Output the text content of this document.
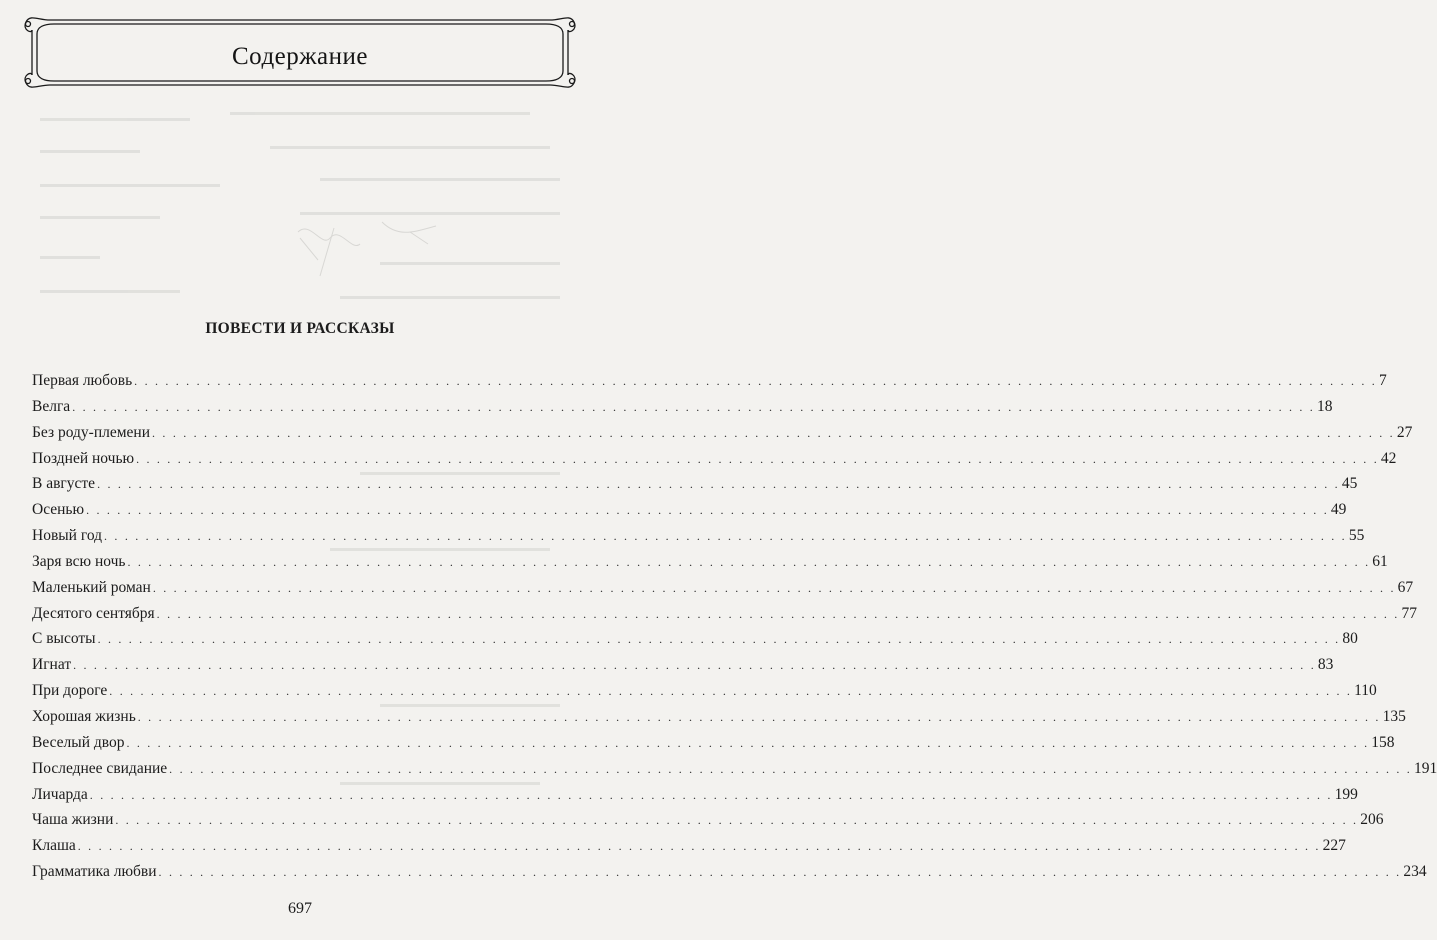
Содержание
ПОВЕСТИ И РАССКАЗЫ
Первая любовь . . . . . . . . . . . . . . . . . . . . . . . . . . . . . . . . . . . . . . . . . . . . . . . . . . . . . . . . . . . . . . . . . . . . . . . . . . . . . . . . . . . . . . . . . . . . . . . . . . . . . . . . . . . . . . . . . . . . . . . . 7
Велга . . . . . . . . . . . . . . . . . . . . . . . . . . . . . . . . . . . . . . . . . . . . . . . . . . . . . . . . . . . . . . . . . . . . . . . . . . . . . . . . . . . . . . . . . . . . . . . . . . . . . . . . . . . . . . . . . . . . . . . . 18
Без роду-племени . . . . . . . . . . . . . . . . . . . . . . . . . . . . . . . . . . . . . . . . . . . . . . . . . . . . . . . . . . . . . . . . . . . . . . . . . . . . . . . . . . . . . . . . . . . . . . . . . . . . . . . . . . . . . . . . . . . . . . . . 27
Поздней ночью . . . . . . . . . . . . . . . . . . . . . . . . . . . . . . . . . . . . . . . . . . . . . . . . . . . . . . . . . . . . . . . . . . . . . . . . . . . . . . . . . . . . . . . . . . . . . . . . . . . . . . . . . . . . . . . . . . . . . . . . 42
В августе . . . . . . . . . . . . . . . . . . . . . . . . . . . . . . . . . . . . . . . . . . . . . . . . . . . . . . . . . . . . . . . . . . . . . . . . . . . . . . . . . . . . . . . . . . . . . . . . . . . . . . . . . . . . . . . . . . . . . . . . 45
Осенью . . . . . . . . . . . . . . . . . . . . . . . . . . . . . . . . . . . . . . . . . . . . . . . . . . . . . . . . . . . . . . . . . . . . . . . . . . . . . . . . . . . . . . . . . . . . . . . . . . . . . . . . . . . . . . . . . . . . . . . . 49
Новый год . . . . . . . . . . . . . . . . . . . . . . . . . . . . . . . . . . . . . . . . . . . . . . . . . . . . . . . . . . . . . . . . . . . . . . . . . . . . . . . . . . . . . . . . . . . . . . . . . . . . . . . . . . . . . . . . . . . . . . . . 55
Заря всю ночь . . . . . . . . . . . . . . . . . . . . . . . . . . . . . . . . . . . . . . . . . . . . . . . . . . . . . . . . . . . . . . . . . . . . . . . . . . . . . . . . . . . . . . . . . . . . . . . . . . . . . . . . . . . . . . . . . . . . . . . . 61
Маленький роман . . . . . . . . . . . . . . . . . . . . . . . . . . . . . . . . . . . . . . . . . . . . . . . . . . . . . . . . . . . . . . . . . . . . . . . . . . . . . . . . . . . . . . . . . . . . . . . . . . . . . . . . . . . . . . . . . . . . . . . . 67
Десятого сентября . . . . . . . . . . . . . . . . . . . . . . . . . . . . . . . . . . . . . . . . . . . . . . . . . . . . . . . . . . . . . . . . . . . . . . . . . . . . . . . . . . . . . . . . . . . . . . . . . . . . . . . . . . . . . . . . . . . . . . . . 77
С высоты . . . . . . . . . . . . . . . . . . . . . . . . . . . . . . . . . . . . . . . . . . . . . . . . . . . . . . . . . . . . . . . . . . . . . . . . . . . . . . . . . . . . . . . . . . . . . . . . . . . . . . . . . . . . . . . . . . . . . . . . 80
Игнат . . . . . . . . . . . . . . . . . . . . . . . . . . . . . . . . . . . . . . . . . . . . . . . . . . . . . . . . . . . . . . . . . . . . . . . . . . . . . . . . . . . . . . . . . . . . . . . . . . . . . . . . . . . . . . . . . . . . . . . . 83
При дороге . . . . . . . . . . . . . . . . . . . . . . . . . . . . . . . . . . . . . . . . . . . . . . . . . . . . . . . . . . . . . . . . . . . . . . . . . . . . . . . . . . . . . . . . . . . . . . . . . . . . . . . . . . . . . . . . . . . . . . . . 110
Хорошая жизнь . . . . . . . . . . . . . . . . . . . . . . . . . . . . . . . . . . . . . . . . . . . . . . . . . . . . . . . . . . . . . . . . . . . . . . . . . . . . . . . . . . . . . . . . . . . . . . . . . . . . . . . . . . . . . . . . . . . . . . . . 135
Веселый двор . . . . . . . . . . . . . . . . . . . . . . . . . . . . . . . . . . . . . . . . . . . . . . . . . . . . . . . . . . . . . . . . . . . . . . . . . . . . . . . . . . . . . . . . . . . . . . . . . . . . . . . . . . . . . . . . . . . . . . . . 158
Последнее свидание . . . . . . . . . . . . . . . . . . . . . . . . . . . . . . . . . . . . . . . . . . . . . . . . . . . . . . . . . . . . . . . . . . . . . . . . . . . . . . . . . . . . . . . . . . . . . . . . . . . . . . . . . . . . . . . . . . . . . . . . 191
Личарда . . . . . . . . . . . . . . . . . . . . . . . . . . . . . . . . . . . . . . . . . . . . . . . . . . . . . . . . . . . . . . . . . . . . . . . . . . . . . . . . . . . . . . . . . . . . . . . . . . . . . . . . . . . . . . . . . . . . . . . . 199
Чаша жизни . . . . . . . . . . . . . . . . . . . . . . . . . . . . . . . . . . . . . . . . . . . . . . . . . . . . . . . . . . . . . . . . . . . . . . . . . . . . . . . . . . . . . . . . . . . . . . . . . . . . . . . . . . . . . . . . . . . . . . . . 206
Клаша . . . . . . . . . . . . . . . . . . . . . . . . . . . . . . . . . . . . . . . . . . . . . . . . . . . . . . . . . . . . . . . . . . . . . . . . . . . . . . . . . . . . . . . . . . . . . . . . . . . . . . . . . . . . . . . . . . . . . . . . 227
Грамматика любви . . . . . . . . . . . . . . . . . . . . . . . . . . . . . . . . . . . . . . . . . . . . . . . . . . . . . . . . . . . . . . . . . . . . . . . . . . . . . . . . . . . . . . . . . . . . . . . . . . . . . . . . . . . . . . . . . . . . . . . . 234
697
